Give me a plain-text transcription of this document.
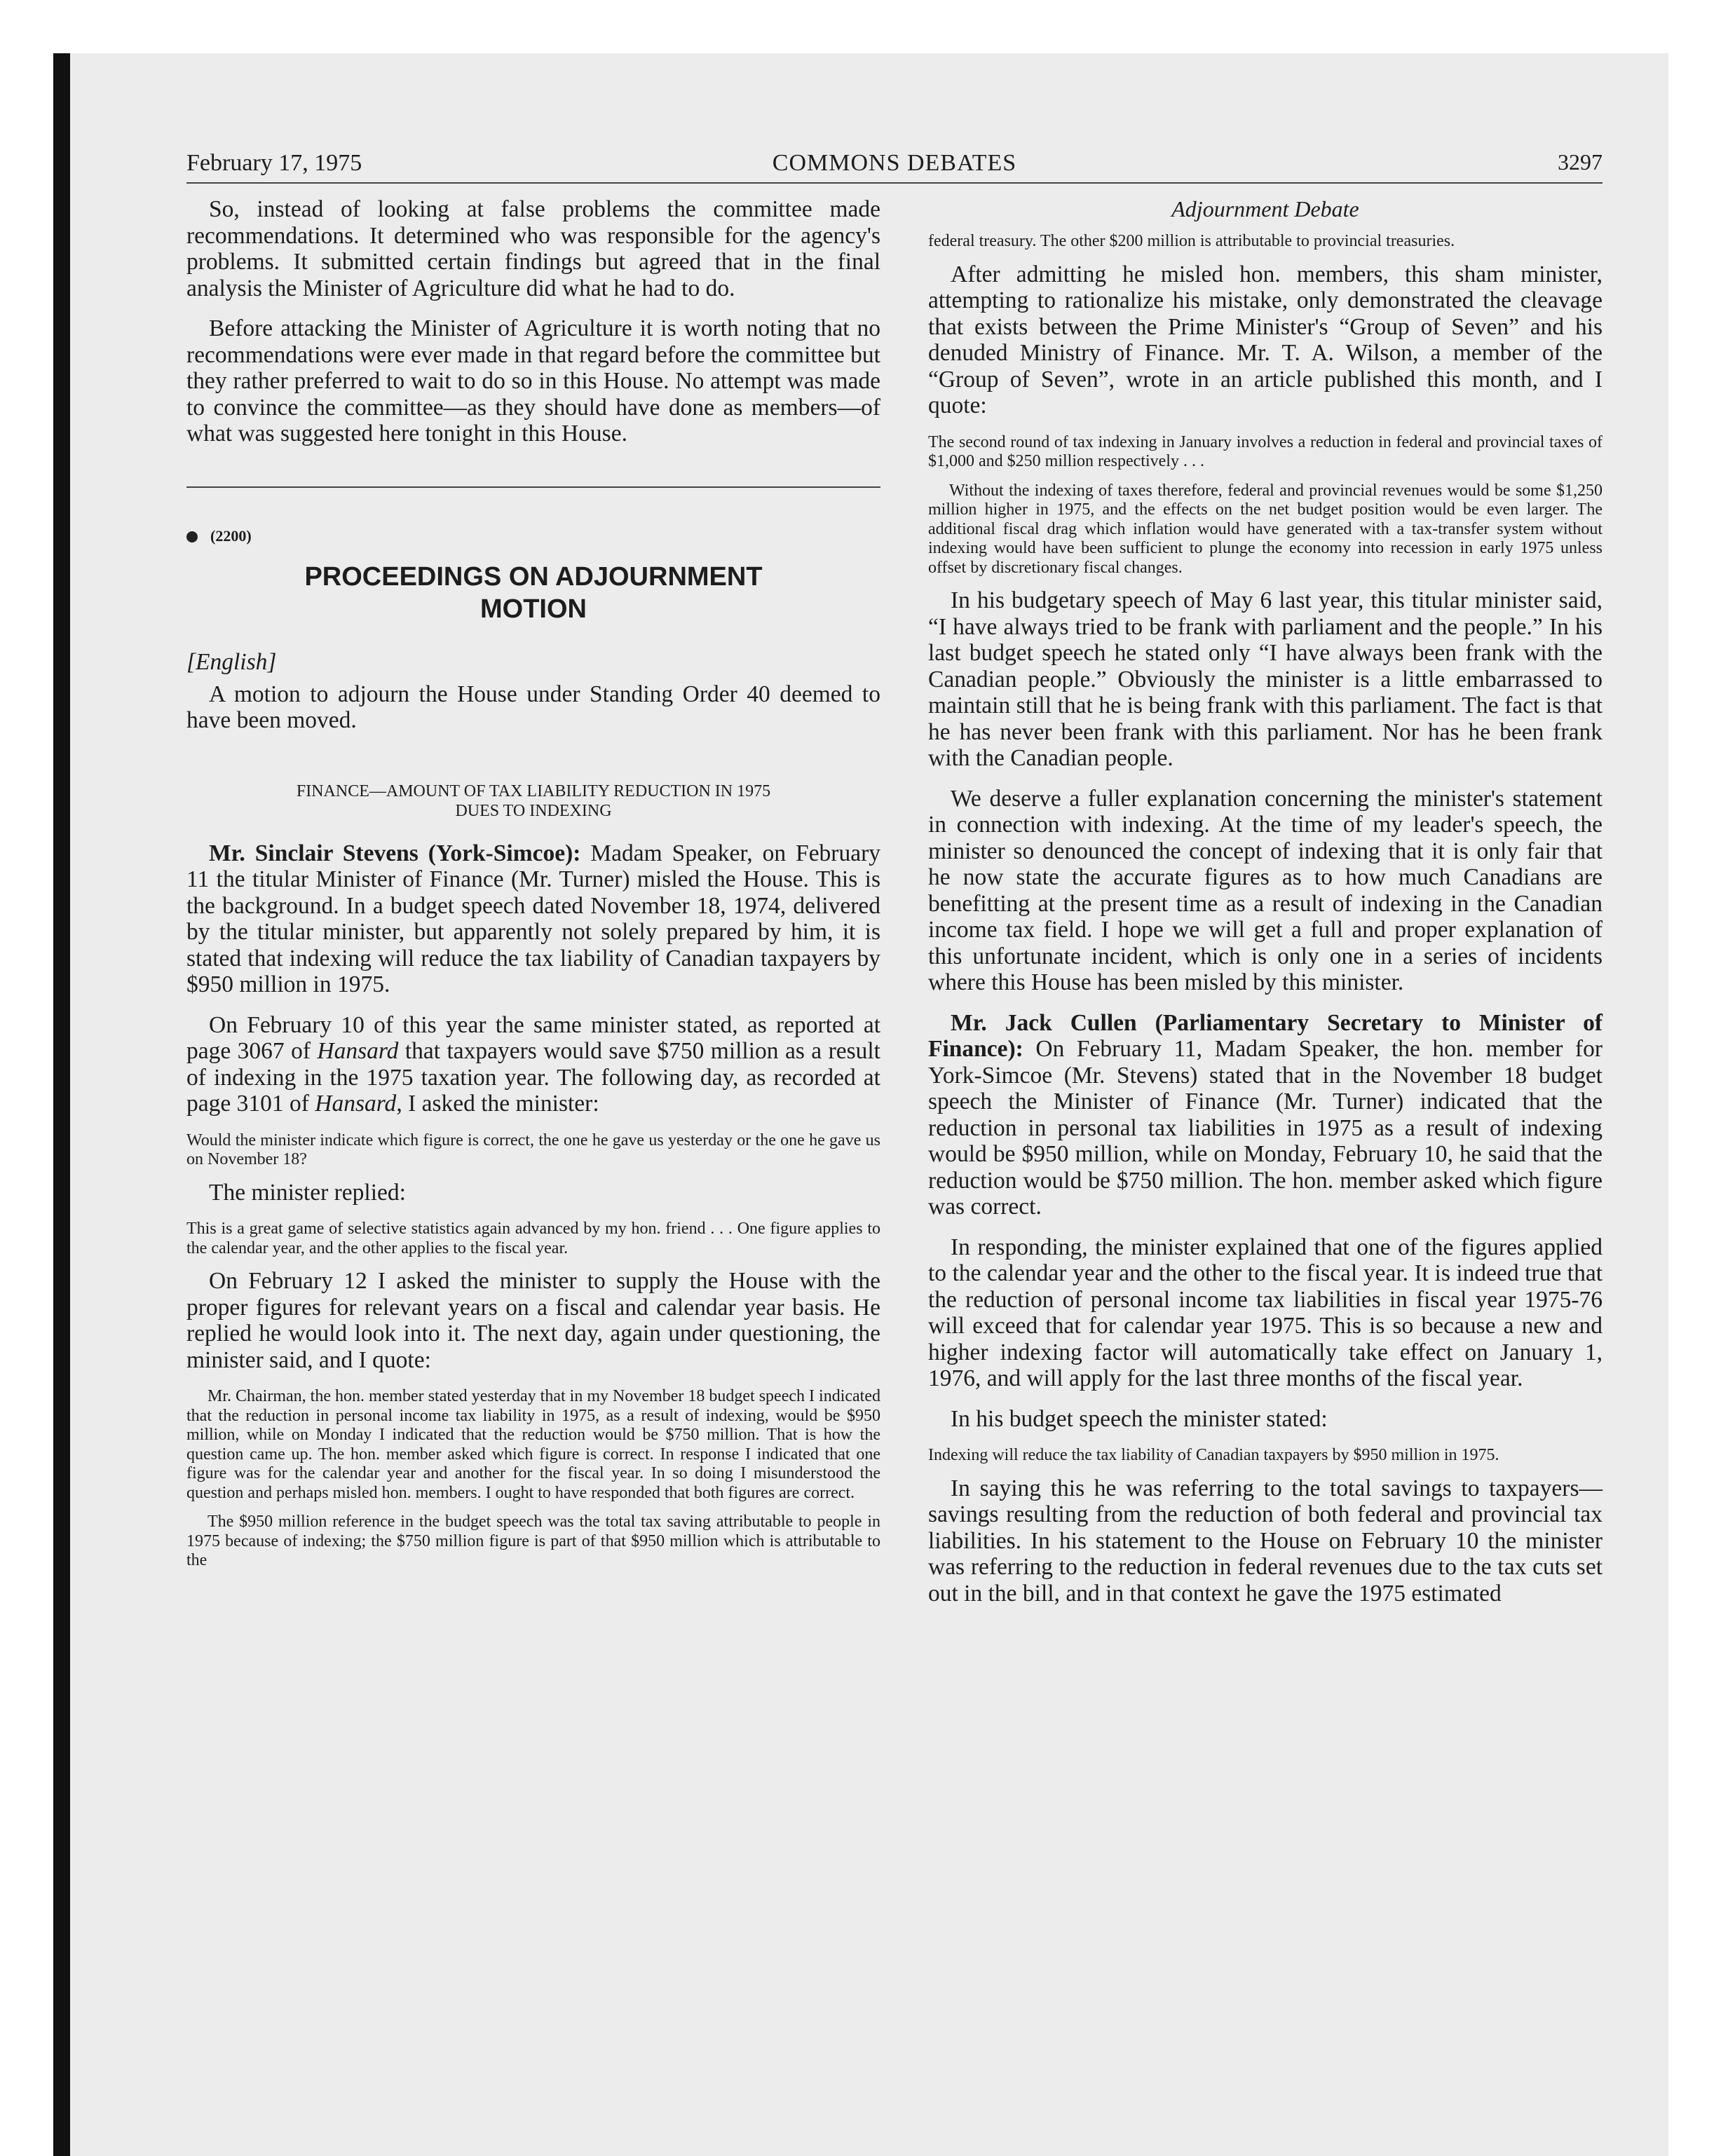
February 17, 1975	COMMONS DEBATES	3297

So, instead of looking at false problems the committee made recommendations. It determined who was responsible for the agency's problems. It submitted certain findings but agreed that in the final analysis the Minister of Agriculture did what he had to do.

Before attacking the Minister of Agriculture it is worth noting that no recommendations were ever made in that regard before the committee but they rather preferred to wait to do so in this House. No attempt was made to convince the committee—as they should have done as members—of what was suggested here tonight in this House.

(2200)
PROCEEDINGS ON ADJOURNMENT
MOTION
[English]

A motion to adjourn the House under Standing Order 40 deemed to have been moved.

FINANCE—AMOUNT OF TAX LIABILITY REDUCTION IN 1975
DUES TO INDEXING

Mr. Sinclair Stevens (York-Simcoe): Madam Speaker, on February 11 the titular Minister of Finance (Mr. Turner) misled the House. This is the background. In a budget speech dated November 18, 1974, delivered by the titular minister, but apparently not solely prepared by him, it is stated that indexing will reduce the tax liability of Canadian taxpayers by $950 million in 1975.

On February 10 of this year the same minister stated, as reported at page 3067 of Hansard that taxpayers would save $750 million as a result of indexing in the 1975 taxation year. The following day, as recorded at page 3101 of Hansard, I asked the minister:

Would the minister indicate which figure is correct, the one he gave us yesterday or the one he gave us on November 18?

The minister replied:

This is a great game of selective statistics again advanced by my hon. friend . . . One figure applies to the calendar year, and the other applies to the fiscal year.

On February 12 I asked the minister to supply the House with the proper figures for relevant years on a fiscal and calendar year basis. He replied he would look into it. The next day, again under questioning, the minister said, and I quote:

Mr. Chairman, the hon. member stated yesterday that in my November 18 budget speech I indicated that the reduction in personal income tax liability in 1975, as a result of indexing, would be $950 million, while on Monday I indicated that the reduction would be $750 million. That is how the question came up. The hon. member asked which figure is correct. In response I indicated that one figure was for the calendar year and another for the fiscal year. In so doing I misunderstood the question and perhaps misled hon. members. I ought to have responded that both figures are correct.

The $950 million reference in the budget speech was the total tax saving attributable to people in 1975 because of indexing; the $750 million figure is part of that $950 million which is attributable to the

Adjournment Debate

federal treasury. The other $200 million is attributable to provincial treasuries.

After admitting he misled hon. members, this sham minister, attempting to rationalize his mistake, only demonstrated the cleavage that exists between the Prime Minister's “Group of Seven” and his denuded Ministry of Finance. Mr. T. A. Wilson, a member of the “Group of Seven”, wrote in an article published this month, and I quote:

The second round of tax indexing in January involves a reduction in federal and provincial taxes of $1,000 and $250 million respectively . . .

Without the indexing of taxes therefore, federal and provincial revenues would be some $1,250 million higher in 1975, and the effects on the net budget position would be even larger. The additional fiscal drag which inflation would have generated with a tax-transfer system without indexing would have been sufficient to plunge the economy into recession in early 1975 unless offset by discretionary fiscal changes.

In his budgetary speech of May 6 last year, this titular minister said, “I have always tried to be frank with parliament and the people.” In his last budget speech he stated only “I have always been frank with the Canadian people.” Obviously the minister is a little embarrassed to maintain still that he is being frank with this parliament. The fact is that he has never been frank with this parliament. Nor has he been frank with the Canadian people.

We deserve a fuller explanation concerning the minister's statement in connection with indexing. At the time of my leader's speech, the minister so denounced the concept of indexing that it is only fair that he now state the accurate figures as to how much Canadians are benefitting at the present time as a result of indexing in the Canadian income tax field. I hope we will get a full and proper explanation of this unfortunate incident, which is only one in a series of incidents where this House has been misled by this minister.

Mr. Jack Cullen (Parliamentary Secretary to Minister of Finance): On February 11, Madam Speaker, the hon. member for York-Simcoe (Mr. Stevens) stated that in the November 18 budget speech the Minister of Finance (Mr. Turner) indicated that the reduction in personal tax liabilities in 1975 as a result of indexing would be $950 million, while on Monday, February 10, he said that the reduction would be $750 million. The hon. member asked which figure was correct.

In responding, the minister explained that one of the figures applied to the calendar year and the other to the fiscal year. It is indeed true that the reduction of personal income tax liabilities in fiscal year 1975-76 will exceed that for calendar year 1975. This is so because a new and higher indexing factor will automatically take effect on January 1, 1976, and will apply for the last three months of the fiscal year.

In his budget speech the minister stated:

Indexing will reduce the tax liability of Canadian taxpayers by $950 million in 1975.

In saying this he was referring to the total savings to taxpayers—savings resulting from the reduction of both federal and provincial tax liabilities. In his statement to the House on February 10 the minister was referring to the reduction in federal revenues due to the tax cuts set out in the bill, and in that context he gave the 1975 estimated
